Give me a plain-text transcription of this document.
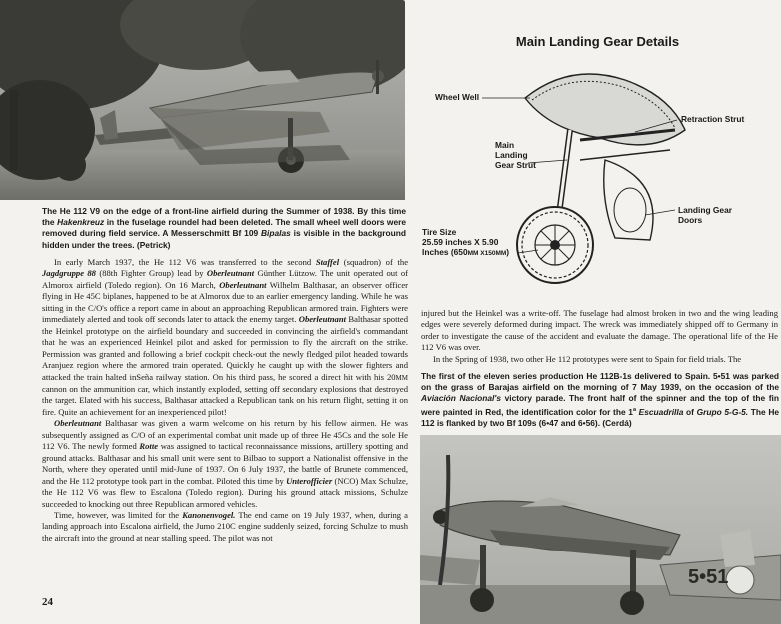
The He 112 V9 on the edge of a front-line airfield during the Summer of 1938. By this time the Hakenkreuz in the fuselage roundel had been deleted. The small wheel well doors were removed during field service. A Messerschmitt Bf 109 Bipalas is visible in the background hidden under the trees. (Petrick)

In early March 1937, the He 112 V6 was transferred to the second Staffel (squadron) of the Jagdgruppe 88 (88th Fighter Group) lead by Oberleutnant Günther Lützow. The unit operated out of Almorox airfield (Toledo region). On 16 March, Oberleutnant Wilhelm Balthasar, an observer officer flying in He 45C biplanes, happened to be at Almorox due to an earlier emergency landing. While he was sitting in the C/O's office a report came in about an approaching Republican armored train. Fighters were immediately alerted and took off seconds later to attack the enemy target. Oberleutnant Balthasar spotted the Heinkel prototype on the airfield boundary and succeeded in convincing the airfield's commandant that he was an experienced Heinkel pilot and asked for permission to fly the aircraft on the strike. Permission was granted and following a brief cockpit check-out the newly fledged pilot headed towards Aranjuez region where the armored train operated. Quickly he caught up with the slower fighters and attacked the train halted inSeña railway station. On his third pass, he scored a direct hit with his 20MM cannon on the ammunition car, which instantly exploded, setting off secondary explosions that destroyed the target. Elated with his success, Balthasar attacked a Republican tank on his return flight, setting it on fire. Quite an achievement for an inexperienced pilot!

Oberleutnant Balthasar was given a warm welcome on his return by his fellow airmen. He was subsequently assigned as C/O of an experimental combat unit made up of three He 45Cs and the sole He 112 V6. The newly formed Rotte was assigned to tactical reconnaissance missions, artillery spotting and ground attacks. Balthasar and his small unit were sent to Bilbao to support a Nationalist offensive in the North, where they operated until mid-June of 1937. On 6 July 1937, the battle of Brunete commenced, and the He 112 prototype took part in the combat. Piloted this time by Unterofficier (NCO) Max Schulze, the He 112 V6 was flew to Escalona (Toledo region). During his ground attack missions, Schulze succeeded to knocking out three Republican armored vehicles.

Time, however, was limited for the Kanonenvogel. The end came on 19 July 1937, when, during a landing approach into Escalona airfield, the Jumo 210C engine suddenly seized, forcing Schulze to mush the aircraft into the ground at near stalling speed. The pilot was not

Main Landing Gear Details
Wheel Well
Retraction Strut
Main
Landing
Gear Strut
Landing Gear
Doors
Tire Size
25.59 inches X 5.90
Inches (650MM X150MM)

injured but the Heinkel was a write-off. The fuselage had almost broken in two and the wing leading edges were severely deformed during impact. The wreck was immediately shipped off to Germany in order to investigate the cause of the accident and evaluate the damage. The operational life of the He 112 V6 was over.

In the Spring of 1938, two other He 112 prototypes were sent to Spain for field trials. The

The first of the eleven series production He 112B-1s delivered to Spain. 5•51 was parked on the grass of Barajas airfield on the morning of 7 May 1939, on the occasion of the Aviación Nacional's victory parade. The front half of the spinner and the top of the fin were painted in Red, the identification color for the 1$^a$ Escuadrilla of Grupo 5-G-5. The He 112 is flanked by two Bf 109s (6•47 and 6•56). (Cerdá)
5•51
24
